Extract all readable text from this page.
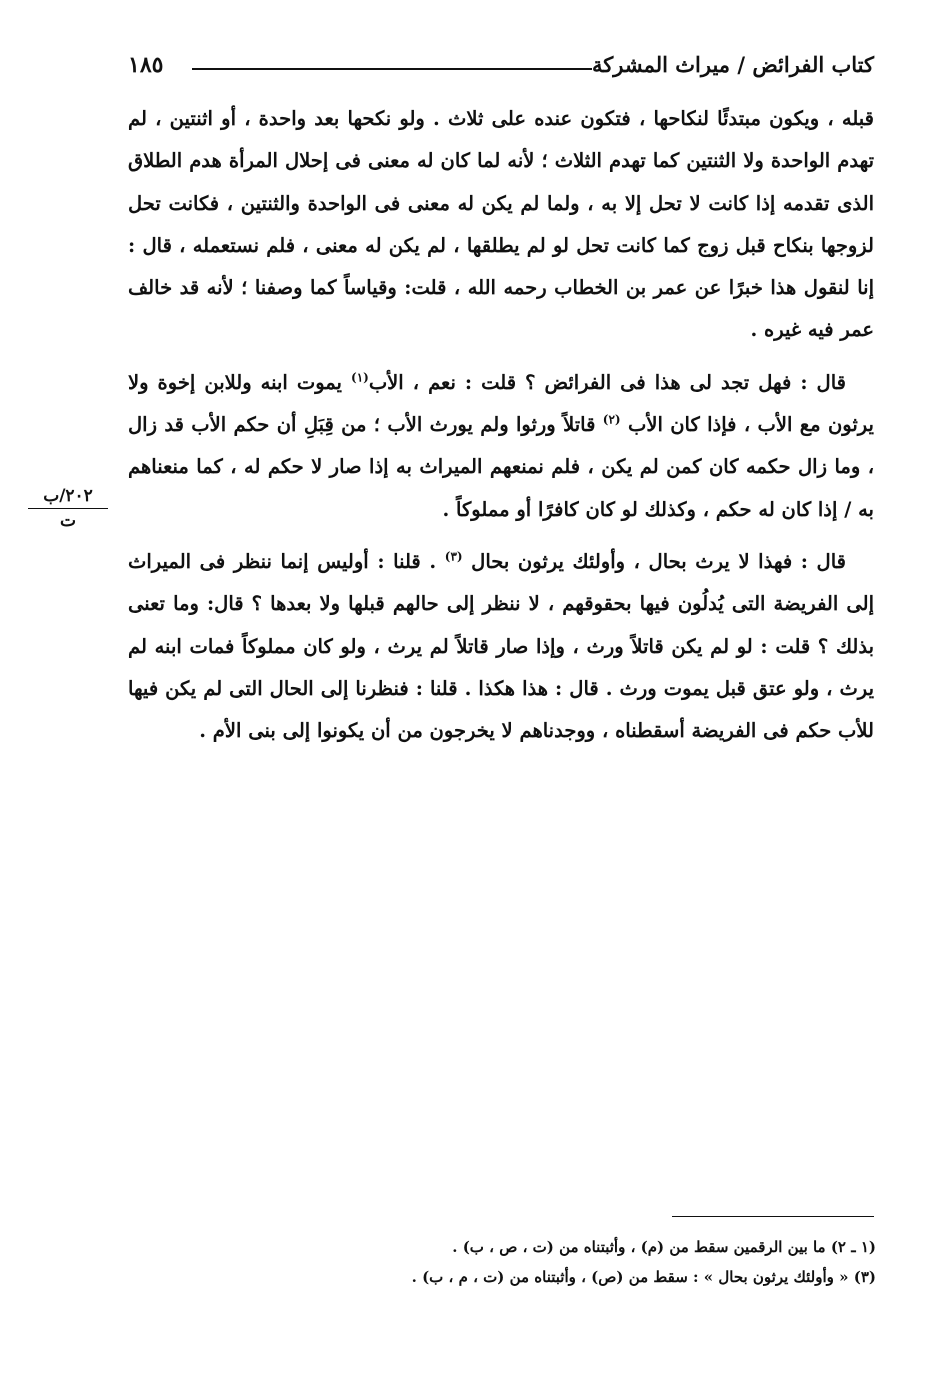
كتاب الفرائض / ميراث المشركة
١٨٥

قبله ، ويكون مبتدئًا لنكاحها ، فتكون عنده على ثلاث . ولو نكحها بعد واحدة ، أو اثنتين ، لم تهدم الواحدة ولا الثنتين كما تهدم الثلاث ؛ لأنه لما كان له معنى فى إحلال المرأة هدم الطلاق الذى تقدمه إذا كانت لا تحل إلا به ، ولما لم يكن له معنى فى الواحدة والثنتين ، فكانت تحل لزوجها بنكاح قبل زوج كما كانت تحل لو لم يطلقها ، لم يكن له معنى ، فلم نستعمله ، قال : إنا لنقول هذا خبرًا عن عمر بن الخطاب رحمه الله ، قلت: وقياساً كما وصفنا ؛ لأنه قد خالف عمر فيه غيره .

قال : فهل تجد لى هذا فى الفرائض ؟ قلت : نعم ، الأب$^{(١)}$ يموت ابنه وللابن إخوة ولا يرثون مع الأب ، فإذا كان الأب $^{(٢)}$ قاتلاً ورثوا ولم يورث الأب ؛ من قِبَلِ أن حكم الأب قد زال ، وما زال حكمه كان كمن لم يكن ، فلم نمنعهم الميراث به إذا صار لا حكم له ، كما منعناهم به / إذا كان له حكم ، وكذلك لو كان كافرًا أو مملوكاً .

قال : فهذا لا يرث بحال ، وأولئك يرثون بحال $^{(٣)}$ . قلنا : أوليس إنما ننظر فى الميراث إلى الفريضة التى يُدلُون فيها بحقوقهم ، لا ننظر إلى حالهم قبلها ولا بعدها ؟ قال: وما تعنى بذلك ؟ قلت : لو لم يكن قاتلاً ورث ، وإذا صار قاتلاً لم يرث ، ولو كان مملوكاً فمات ابنه لم يرث ، ولو عتق قبل يموت ورث . قال : هذا هكذا . قلنا : فنظرنا إلى الحال التى لم يكن فيها للأب حكم فى الفريضة أسقطناه ، ووجدناهم لا يخرجون من أن يكونوا إلى بنى الأم .

٢٠٢/ب
ت

(١ ـ ٢) ما بين الرقمين سقط من (م) ، وأثبتناه من (ت ، ص ، ب) .

(٣) « وأولئك يرثون بحال » : سقط من (ص) ، وأثبتناه من (ت ، م ، ب) .
